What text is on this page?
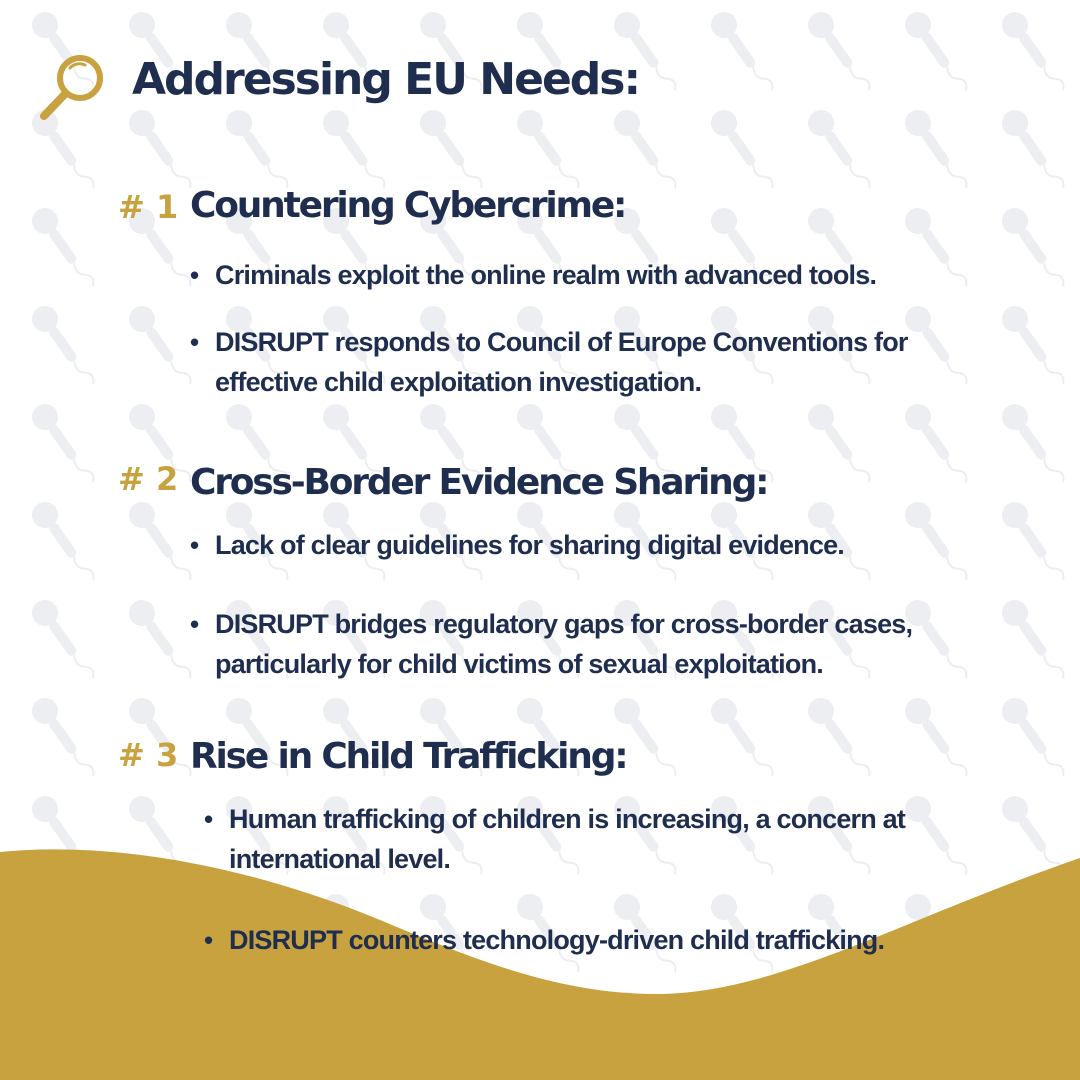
Addressing EU Needs:
# 1 Countering Cybercrime:
• Criminals exploit the online realm with advanced tools.
• DISRUPT responds to Council of Europe Conventions for effective child exploitation investigation.
# 2 Cross-Border Evidence Sharing:
• Lack of clear guidelines for sharing digital evidence.
• DISRUPT bridges regulatory gaps for cross-border cases, particularly for child victims of sexual exploitation.
# 3 Rise in Child Trafficking:
• Human trafficking of children is increasing, a concern at international level.
• DISRUPT counters technology-driven child trafficking.
